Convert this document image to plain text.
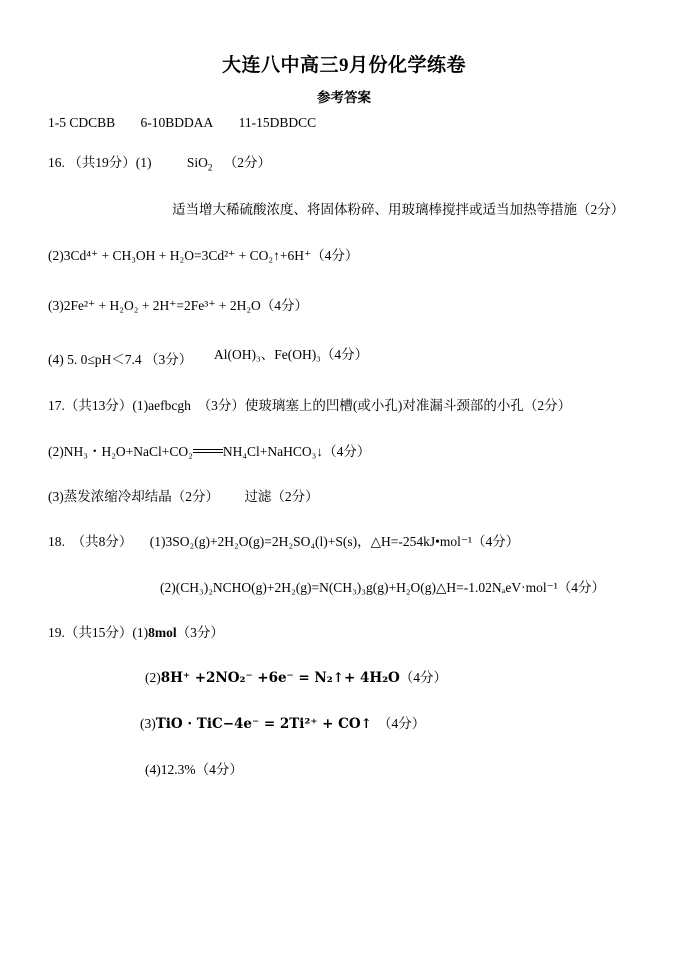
大连八中高三9月份化学练卷
参考答案
1-5 CDCBB 6-10BDDAA 11-15DBDCC
16. （共19分）(1)	SiO$_2$ （2分）
适当增大稀硫酸浓度、将固体粉碎、用玻璃棒搅拌或适当加热等措施（2分）
(2)3Cd⁴⁺ + CH₃OH + H₂O=3Cd²⁺ + CO₂↑+6H⁺（4分）
(3)2Fe²⁺ + H₂O₂ + 2H⁺=2Fe³⁺ + 2H₂O（4分）
(4) 5. 0≤pH＜7.4 （3分） Al(OH)₃、Fe(OH)₃（4分）
17.（共13分）(1)aefbcgh　（3分）使玻璃塞上的凹槽(或小孔)对准漏斗颈部的小孔（2分）
(2)NH₃・H₂O+NaCl+CO₂ NH₄Cl+NaHCO₃↓（4分）
(3)蒸发浓缩冷却结晶（2分） 过滤（2分）
18.　（共8分） (1)3SO₂(g)+2H₂O(g)=2H₂SO₄(l)+S(s)，△H=-254kJ•mol⁻¹（4分）
(2)(CH₃)₂NCHO(g)+2H₂(g)=N(CH₃)₃g(g)+H₂O(g)△H=-1.02NₐeV·mol⁻¹（4分）
19.（共15分）(1)8mol（3分）
(2)8H⁺ +2NO₂⁻ +6e⁻ = N₂↑+ 4H₂O（4分）
(3)TiO · TiC−4e⁻ = 2Ti²⁺ + CO↑ （4分）
(4)12.3%（4分）
